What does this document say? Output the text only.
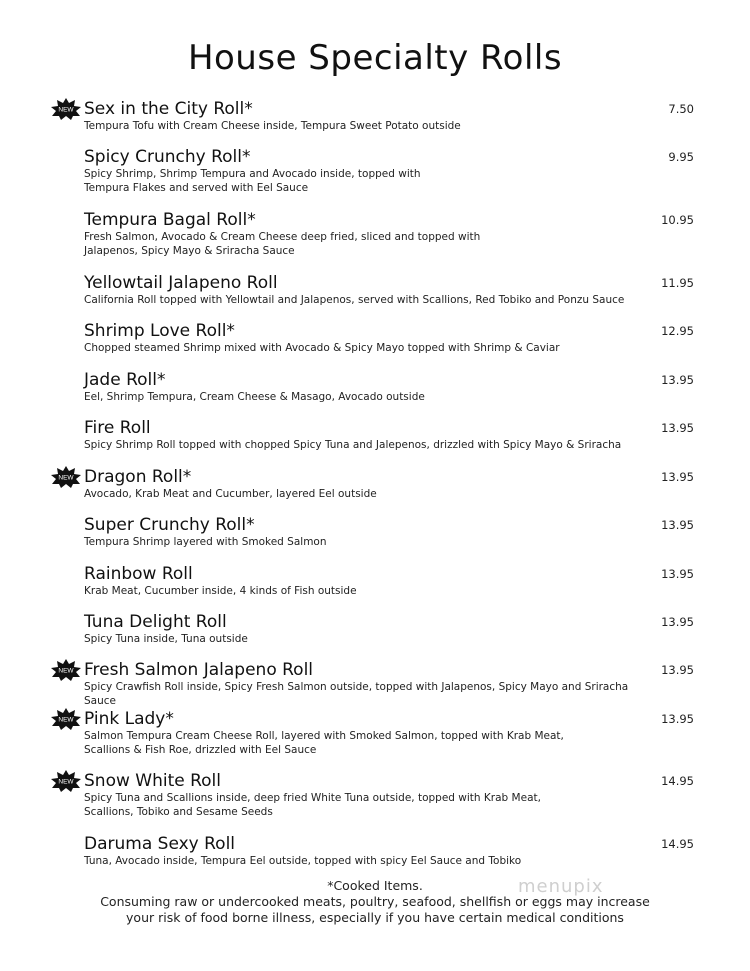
House Specialty Rolls
NEW Sex in the City Roll*
Tempura Tofu with Cream Cheese inside, Tempura Sweet Potato outside
7.50
Spicy Crunchy Roll*
Spicy Shrimp, Shrimp Tempura and Avocado inside, topped with
Tempura Flakes and served with Eel Sauce
9.95
Tempura Bagal Roll*
Fresh Salmon, Avocado & Cream Cheese deep fried, sliced and topped with
Jalapenos, Spicy Mayo & Sriracha Sauce
10.95
Yellowtail Jalapeno Roll
California Roll topped with Yellowtail and Jalapenos, served with Scallions, Red Tobiko and Ponzu Sauce
11.95
Shrimp Love Roll*
Chopped steamed Shrimp mixed with Avocado & Spicy Mayo topped with Shrimp & Caviar
12.95
Jade Roll*
Eel, Shrimp Tempura, Cream Cheese & Masago, Avocado outside
13.95
Fire Roll
Spicy Shrimp Roll topped with chopped Spicy Tuna and Jalepenos, drizzled with Spicy Mayo & Sriracha
13.95
NEW Dragon Roll*
Avocado, Krab Meat and Cucumber, layered Eel outside
13.95
Super Crunchy Roll*
Tempura Shrimp layered with Smoked Salmon
13.95
Rainbow Roll
Krab Meat, Cucumber inside, 4 kinds of Fish outside
13.95
Tuna Delight Roll
Spicy Tuna inside, Tuna outside
13.95
NEW Fresh Salmon Jalapeno Roll
Spicy Crawfish Roll inside, Spicy Fresh Salmon outside, topped with Jalapenos, Spicy Mayo and Sriracha Sauce
13.95
NEW Pink Lady*
Salmon Tempura Cream Cheese Roll, layered with Smoked Salmon, topped with Krab Meat,
Scallions & Fish Roe, drizzled with Eel Sauce
13.95
NEW Snow White Roll
Spicy Tuna and Scallions inside, deep fried White Tuna outside, topped with Krab Meat,
Scallions, Tobiko and Sesame Seeds
14.95
Daruma Sexy Roll
Tuna, Avocado inside, Tempura Eel outside, topped with spicy Eel Sauce and Tobiko
14.95
*Cooked Items.
Consuming raw or undercooked meats, poultry, seafood, shellfish or eggs may increase
your risk of food borne illness, especially if you have certain medical conditions
menupix
